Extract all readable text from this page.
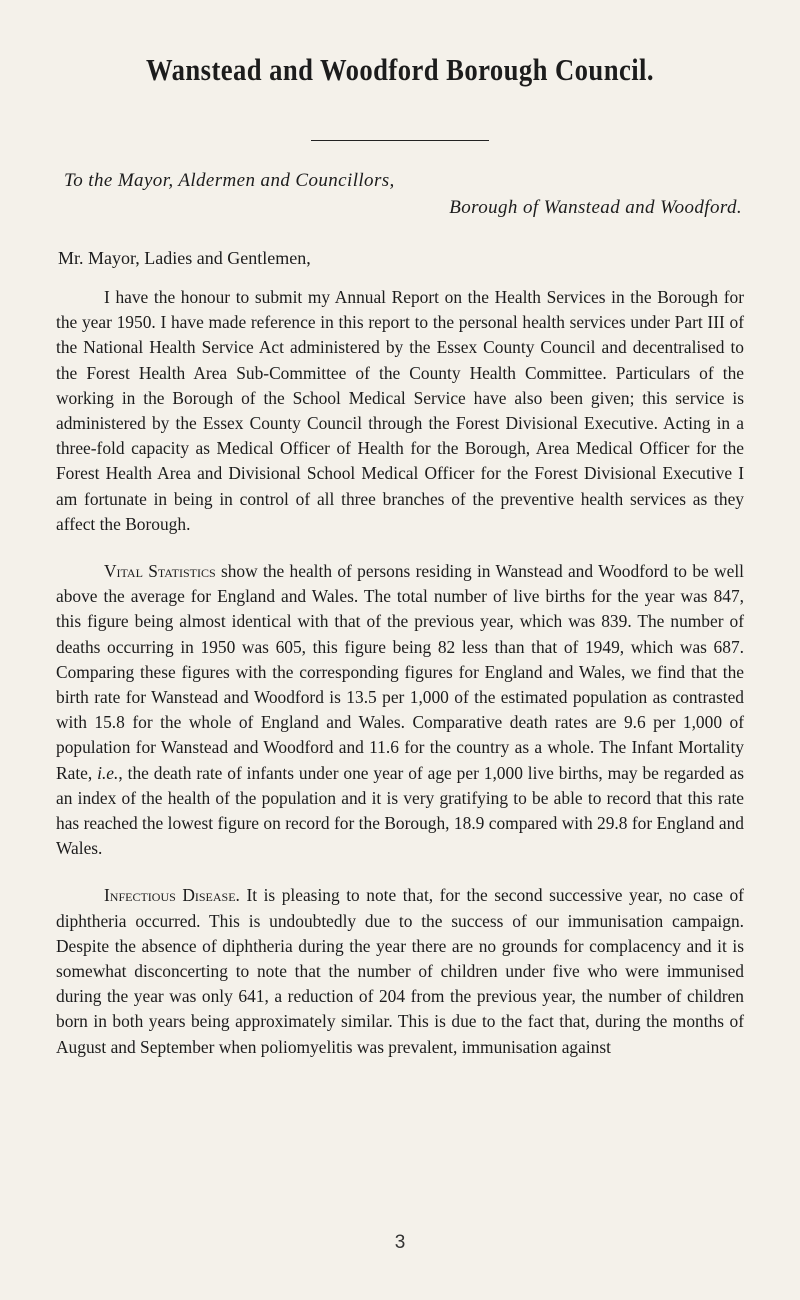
Wanstead and Woodford Borough Council.
To the Mayor, Aldermen and Councillors,
Borough of Wanstead and Woodford.
Mr. Mayor, Ladies and Gentlemen,

I have the honour to submit my Annual Report on the Health Services in the Borough for the year 1950. I have made reference in this report to the personal health services under Part III of the National Health Service Act administered by the Essex County Council and decentralised to the Forest Health Area Sub-Committee of the County Health Committee. Particulars of the working in the Borough of the School Medical Service have also been given; this service is administered by the Essex County Council through the Forest Divisional Executive. Acting in a three-fold capacity as Medical Officer of Health for the Borough, Area Medical Officer for the Forest Health Area and Divisional School Medical Officer for the Forest Divisional Executive I am fortunate in being in control of all three branches of the preventive health services as they affect the Borough.

Vital Statistics show the health of persons residing in Wanstead and Woodford to be well above the average for England and Wales. The total number of live births for the year was 847, this figure being almost identical with that of the previous year, which was 839. The number of deaths occurring in 1950 was 605, this figure being 82 less than that of 1949, which was 687. Comparing these figures with the corresponding figures for England and Wales, we find that the birth rate for Wanstead and Woodford is 13.5 per 1,000 of the estimated population as contrasted with 15.8 for the whole of England and Wales. Comparative death rates are 9.6 per 1,000 of population for Wanstead and Woodford and 11.6 for the country as a whole. The Infant Mortality Rate, i.e., the death rate of infants under one year of age per 1,000 live births, may be regarded as an index of the health of the population and it is very gratifying to be able to record that this rate has reached the lowest figure on record for the Borough, 18.9 compared with 29.8 for England and Wales.

Infectious Disease. It is pleasing to note that, for the second successive year, no case of diphtheria occurred. This is undoubtedly due to the success of our immunisation campaign. Despite the absence of diphtheria during the year there are no grounds for complacency and it is somewhat disconcerting to note that the number of children under five who were immunised during the year was only 641, a reduction of 204 from the previous year, the number of children born in both years being approximately similar. This is due to the fact that, during the months of August and September when poliomyelitis was prevalent, immunisation against

3
